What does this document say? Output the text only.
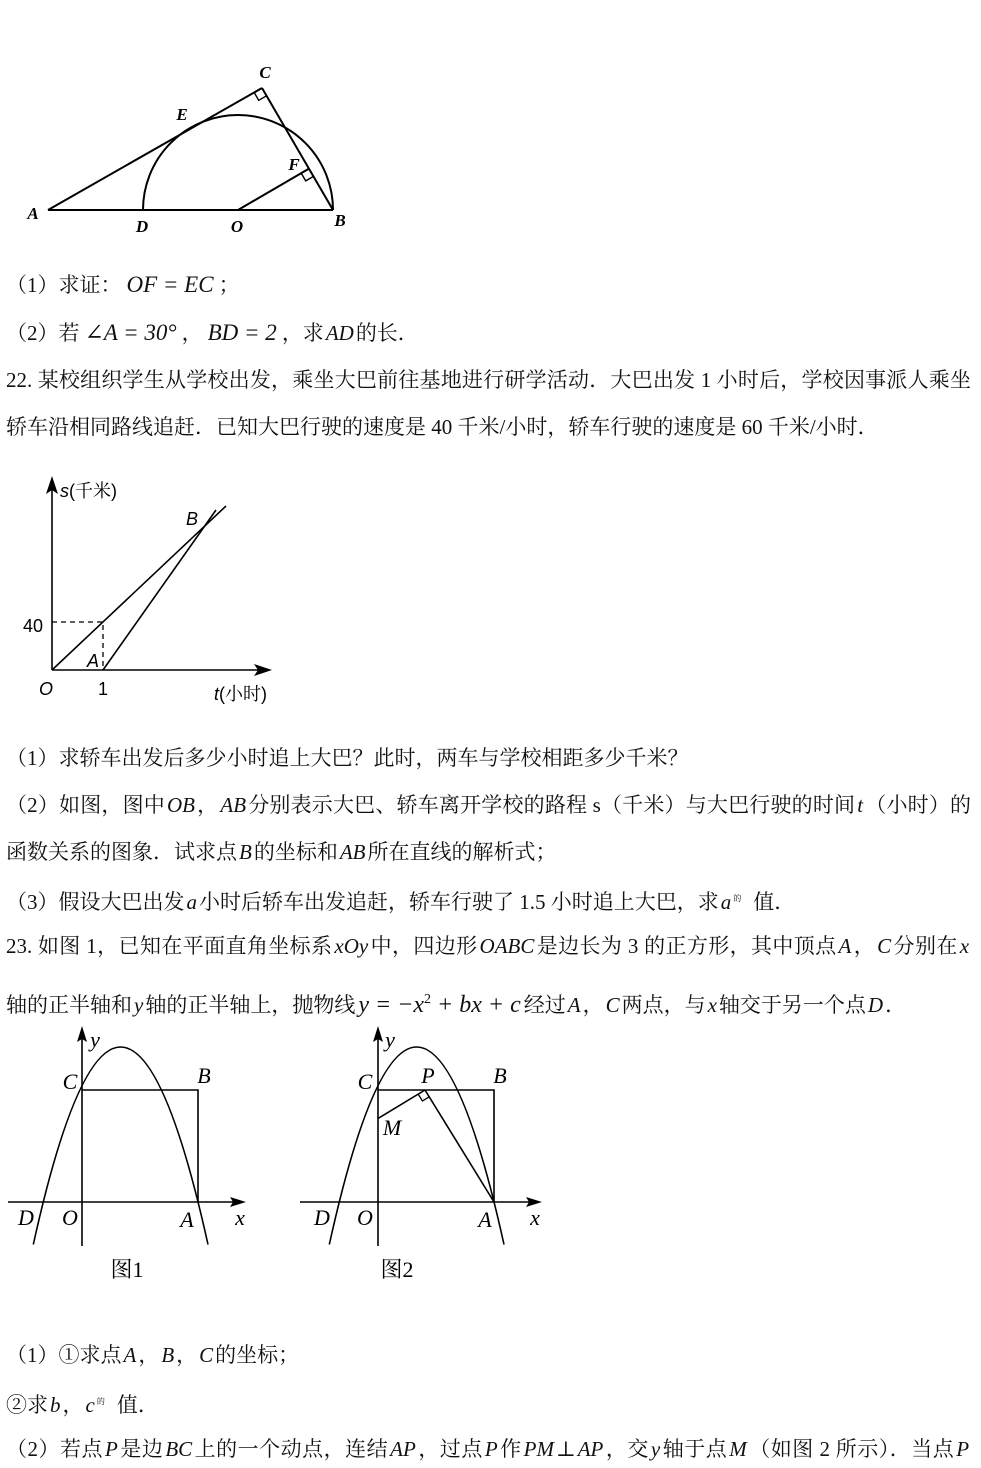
C
E
F
A
D	O	B
（1）求证： OF = EC ；
（2）若 ∠A = 30° ， BD = 2 ，求AD的长．
22. 某校组织学生从学校出发，乘坐大巴前往基地进行研学活动．大巴出发 1 小时后，学校因事派人乘坐
轿车沿相同路线追赶．已知大巴行驶的速度是 40 千米/小时，轿车行驶的速度是 60 千米/小时．
s(千米)
t(小时)
B
40
A
O 1
（1）求轿车出发后多少小时追上大巴？此时，两车与学校相距多少千米？
（2）如图，图中OB，AB分别表示大巴、轿车离开学校的路程 s（千米）与大巴行驶的时间t（小时）的
函数关系的图象．试求点B的坐标和AB所在直线的解析式；
（3）假设大巴出发a小时后轿车出发追赶，轿车行驶了 1.5 小时追上大巴，求a $^的$ 值．
23. 如图 1，已知在平面直角坐标系xOy中，四边形OABC是边长为 3 的正方形，其中顶点A，C分别在x
轴的正半轴和y轴的正半轴上，抛物线 $y = -x^2$ + bx + c 经过A，C两点，与x轴交于另一个点D．
y
C	B
D O	A x
图1
y
C P	B
M
D O	A x
图2
（1）①求点A，B，C的坐标；
②求b，c $^的$ 值．
（2）若点P是边BC上的一个动点，连结AP，过点P作PM⊥AP，交y轴于点M（如图 2 所示）．当点P
